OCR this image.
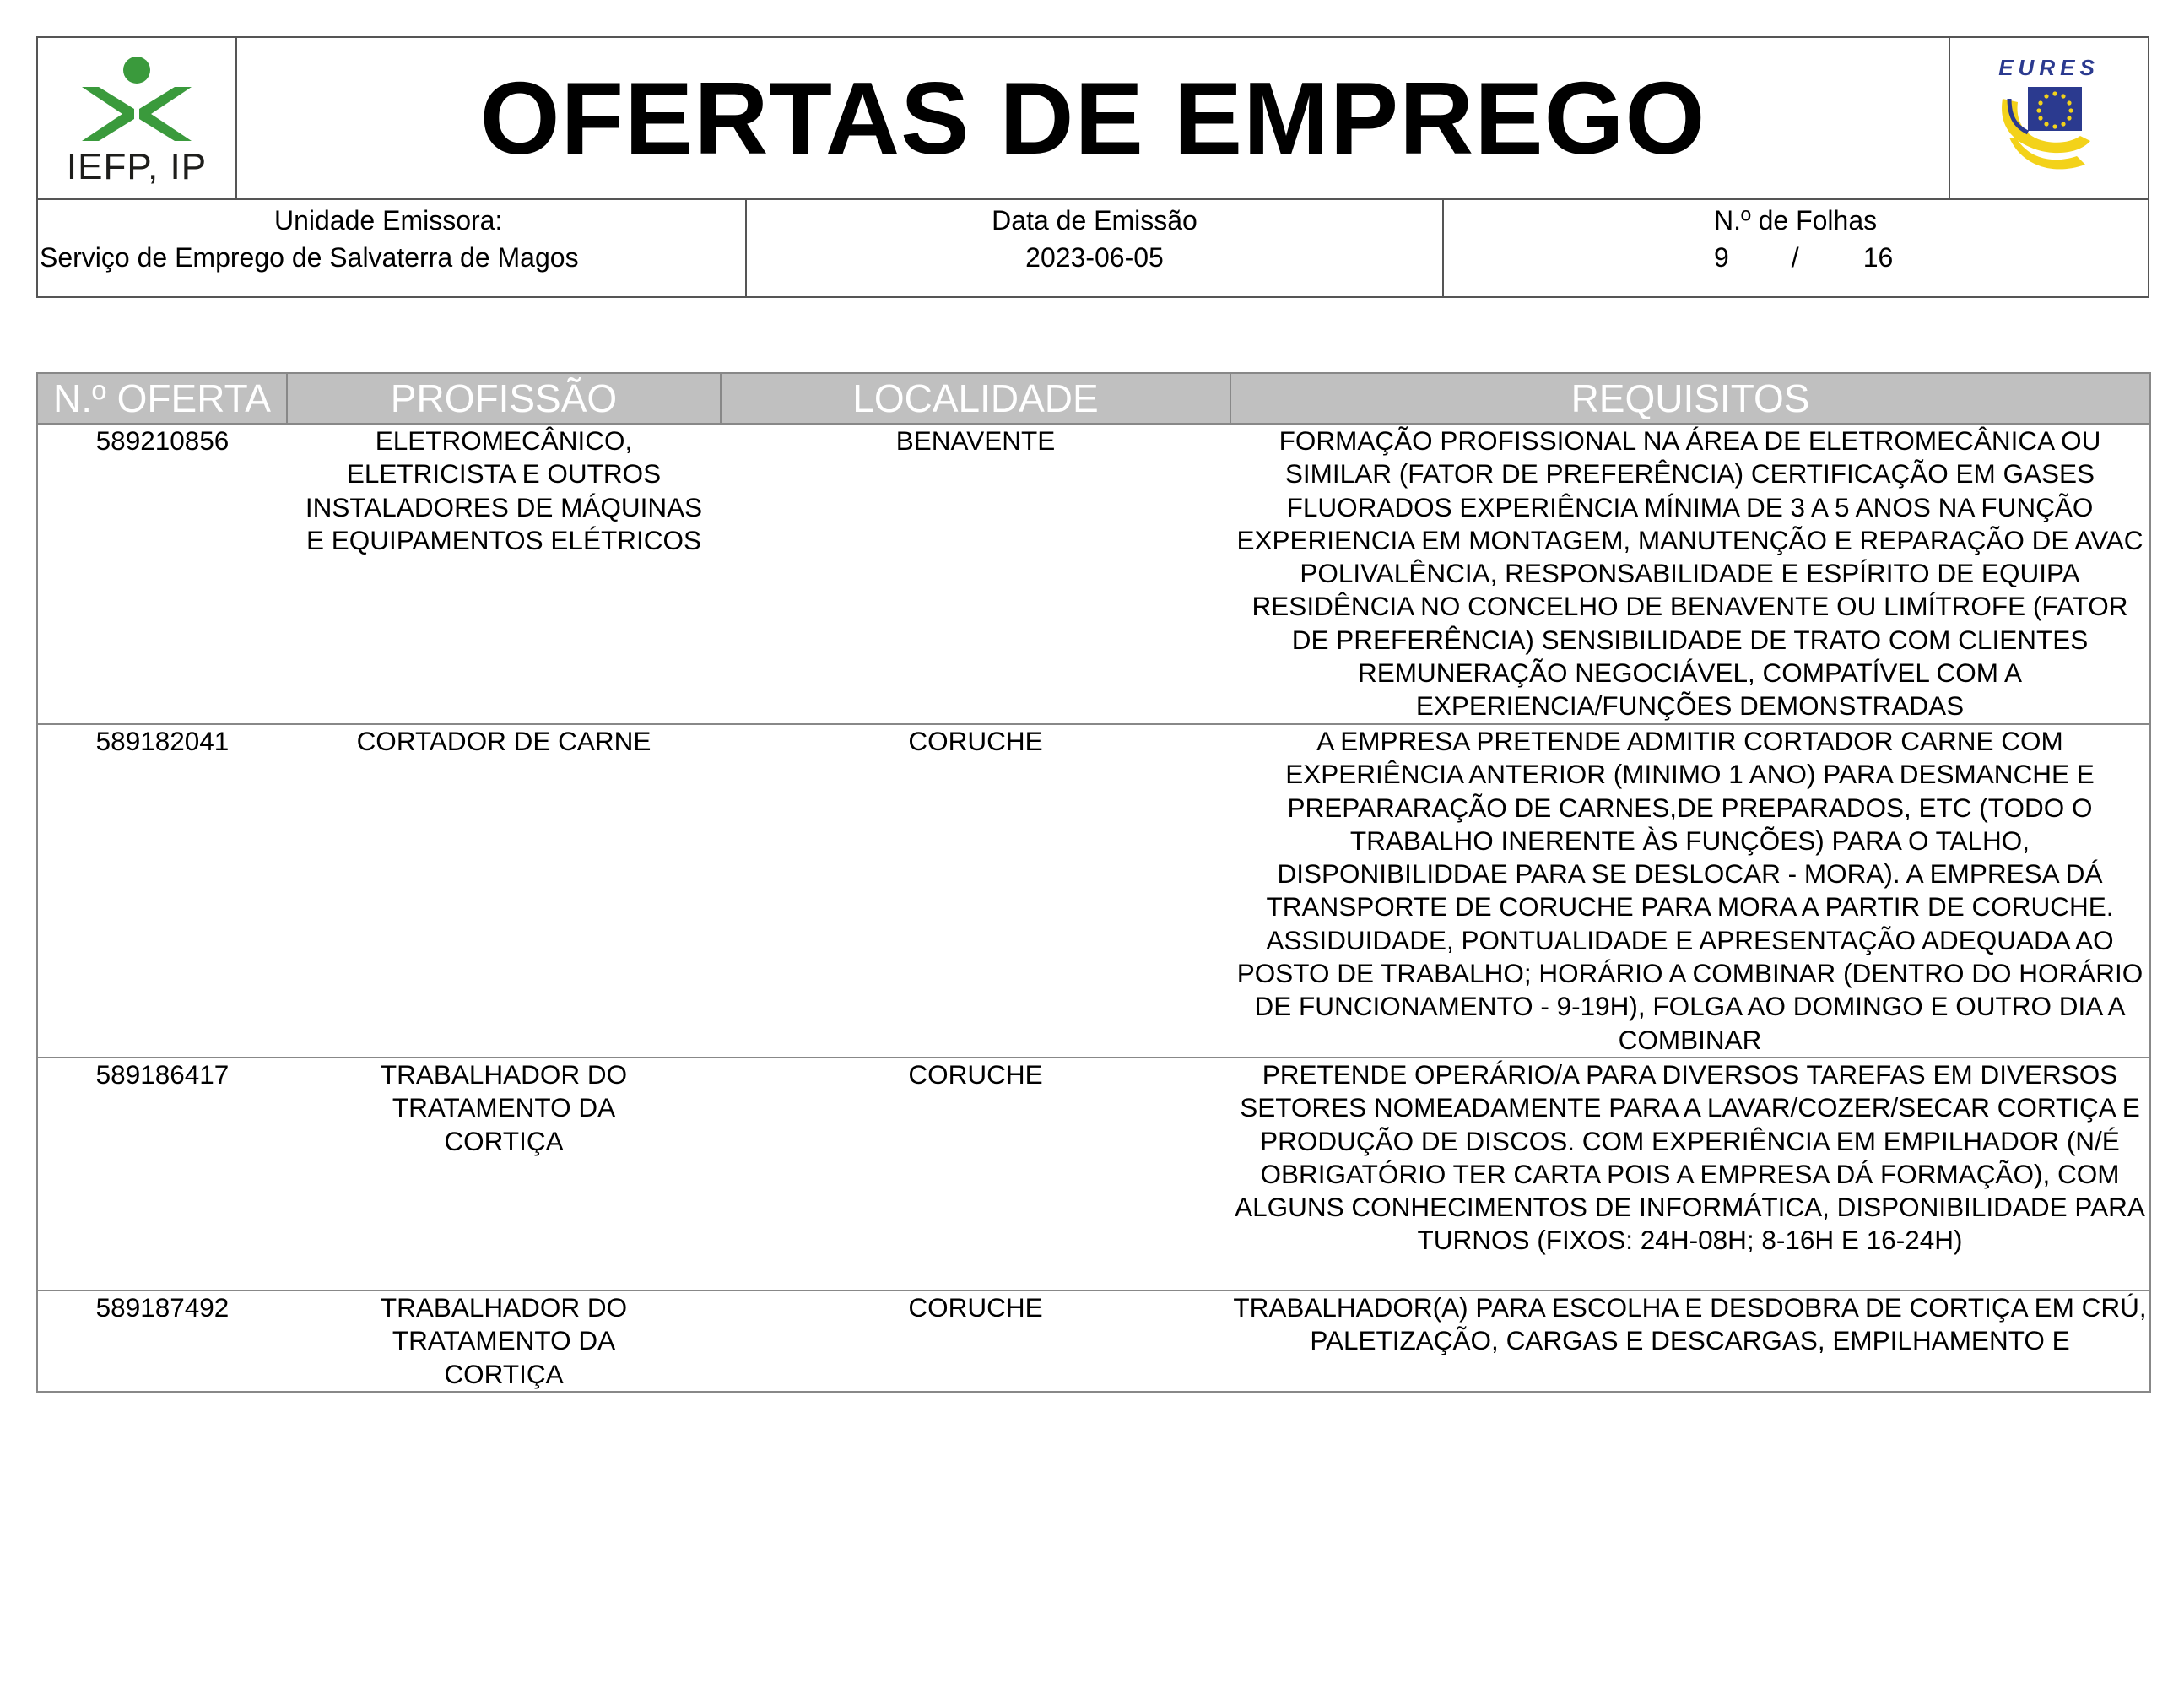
IEFP, IP	OFERTAS DE EMPREGO	EURES
Unidade Emissora:
Serviço de Emprego de Salvaterra de Magos
Data de Emissão
2023-06-05
N.º de Folhas
9 / 16
N.º OFERTA	PROFISSÃO	LOCALIDADE	REQUISITOS
589210856	ELETROMECÂNICO, ELETRICISTA E OUTROS INSTALADORES DE MÁQUINAS E EQUIPAMENTOS ELÉTRICOS	BENAVENTE	FORMAÇÃO PROFISSIONAL NA ÁREA DE ELETROMECÂNICA OU SIMILAR (FATOR DE PREFERÊNCIA) CERTIFICAÇÃO EM GASES FLUORADOS EXPERIÊNCIA MÍNIMA DE 3 A 5 ANOS NA FUNÇÃO EXPERIENCIA EM MONTAGEM, MANUTENÇÃO E REPARAÇÃO DE AVAC POLIVALÊNCIA, RESPONSABILIDADE E ESPÍRITO DE EQUIPA RESIDÊNCIA NO CONCELHO DE BENAVENTE OU LIMÍTROFE (FATOR DE PREFERÊNCIA) SENSIBILIDADE DE TRATO COM CLIENTES REMUNERAÇÃO NEGOCIÁVEL, COMPATÍVEL COM A EXPERIENCIA/FUNÇÕES DEMONSTRADAS
589182041	CORTADOR DE CARNE	CORUCHE	A EMPRESA PRETENDE ADMITIR CORTADOR CARNE COM EXPERIÊNCIA ANTERIOR (MINIMO 1 ANO) PARA DESMANCHE E PREPARARAÇÃO DE CARNES,DE PREPARADOS, ETC (TODO O TRABALHO INERENTE ÀS FUNÇÕES) PARA O TALHO, DISPONIBILIDDAE PARA SE DESLOCAR - MORA). A EMPRESA DÁ TRANSPORTE DE CORUCHE PARA MORA A PARTIR DE CORUCHE. ASSIDUIDADE, PONTUALIDADE E APRESENTAÇÃO ADEQUADA AO POSTO DE TRABALHO; HORÁRIO A COMBINAR (DENTRO DO HORÁRIO DE FUNCIONAMENTO - 9-19H), FOLGA AO DOMINGO E OUTRO DIA A COMBINAR
589186417	TRABALHADOR DO TRATAMENTO DA CORTIÇA	CORUCHE	PRETENDE OPERÁRIO/A PARA DIVERSOS TAREFAS EM DIVERSOS SETORES NOMEADAMENTE PARA A LAVAR/COZER/SECAR CORTIÇA E PRODUÇÃO DE DISCOS. COM EXPERIÊNCIA EM EMPILHADOR (N/É OBRIGATÓRIO TER CARTA POIS A EMPRESA DÁ FORMAÇÃO), COM ALGUNS CONHECIMENTOS DE INFORMÁTICA, DISPONIBILIDADE PARA TURNOS (FIXOS: 24H-08H; 8-16H E 16-24H)
589187492	TRABALHADOR DO TRATAMENTO DA CORTIÇA	CORUCHE	TRABALHADOR(A) PARA ESCOLHA E DESDOBRA DE CORTIÇA EM CRÚ, PALETIZAÇÃO, CARGAS E DESCARGAS, EMPILHAMENTO E
